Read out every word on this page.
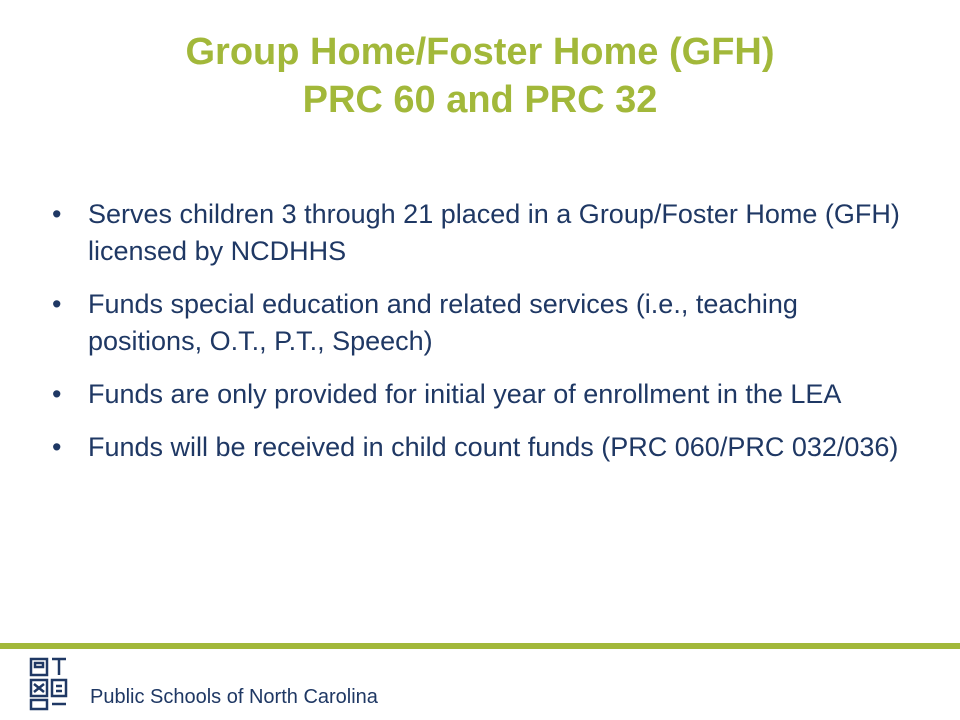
Group Home/Foster Home (GFH)
PRC 60 and PRC 32
• Serves children 3 through 21 placed in a Group/Foster Home (GFH) licensed by NCDHHS
• Funds special education and related services (i.e., teaching positions, O.T., P.T., Speech)
• Funds are only provided for initial year of enrollment in the LEA
• Funds will be received in child count funds (PRC 060/PRC 032/036)
Public Schools of North Carolina
